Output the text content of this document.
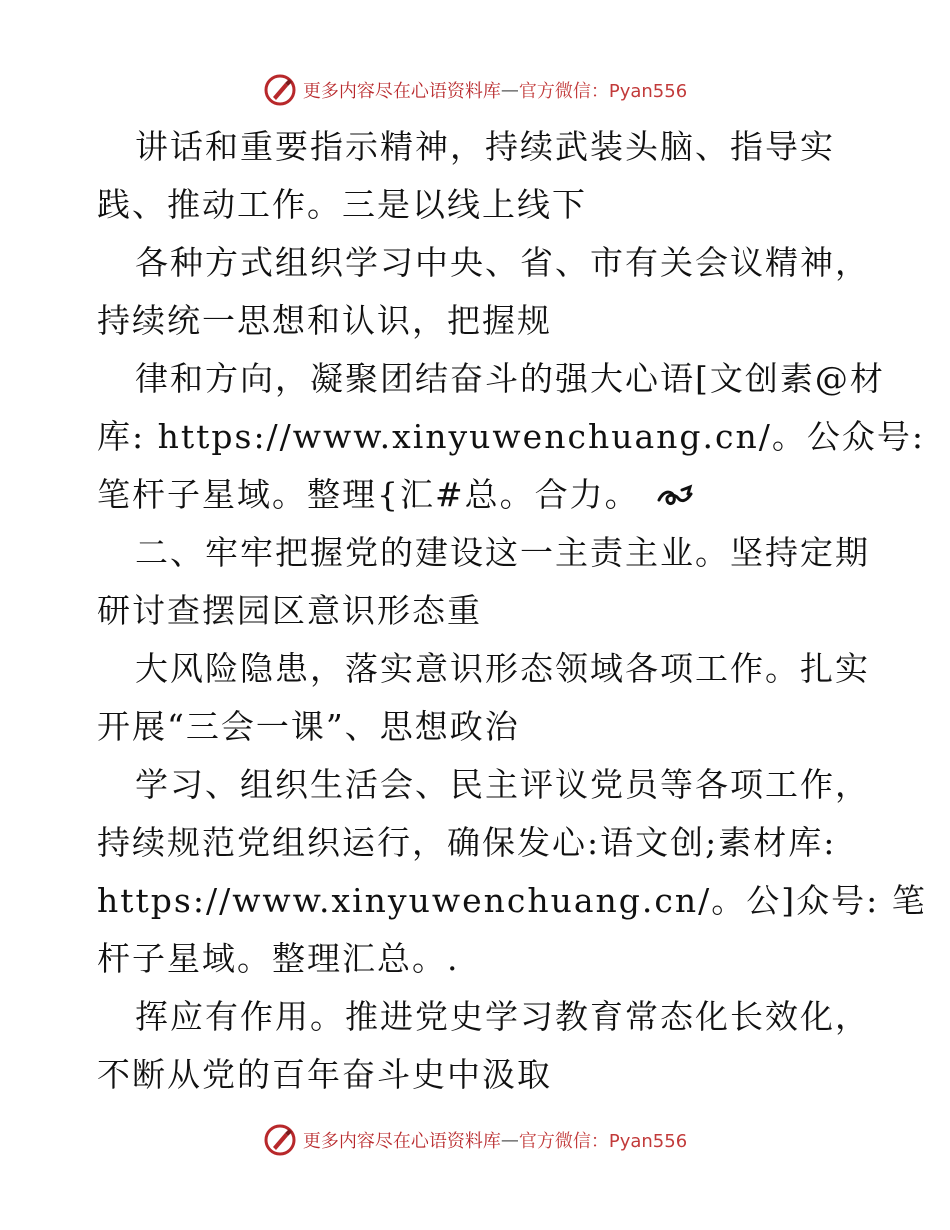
更多内容尽在心语资料库 — 官方微信：Pyan556
讲话和重要指示精神，持续武装头脑、指导实
践、推动工作。三是以线上线下
各种方式组织学习中央、省、市有关会议精神，
持续统一思想和认识，把握规
律和方向，凝聚团结奋斗的强大心语[文创素@材
库: https://www.xinyuwenchuang.cn/。公众号:
笔杆子星域。整理{汇#总。合力。
二、牢牢把握党的建设这一主责主业。坚持定期
研讨查摆园区意识形态重
大风险隐患，落实意识形态领域各项工作。扎实
开展“三会一课”、思想政治
学习、组织生活会、民主评议党员等各项工作，
持续规范党组织运行，确保发心:语文创;素材库:
https://www.xinyuwenchuang.cn/。公]众号: 笔
杆子星域。整理汇总。.
挥应有作用。推进党史学习教育常态化长效化，
不断从党的百年奋斗史中汲取
更多内容尽在心语资料库 — 官方微信：Pyan556
